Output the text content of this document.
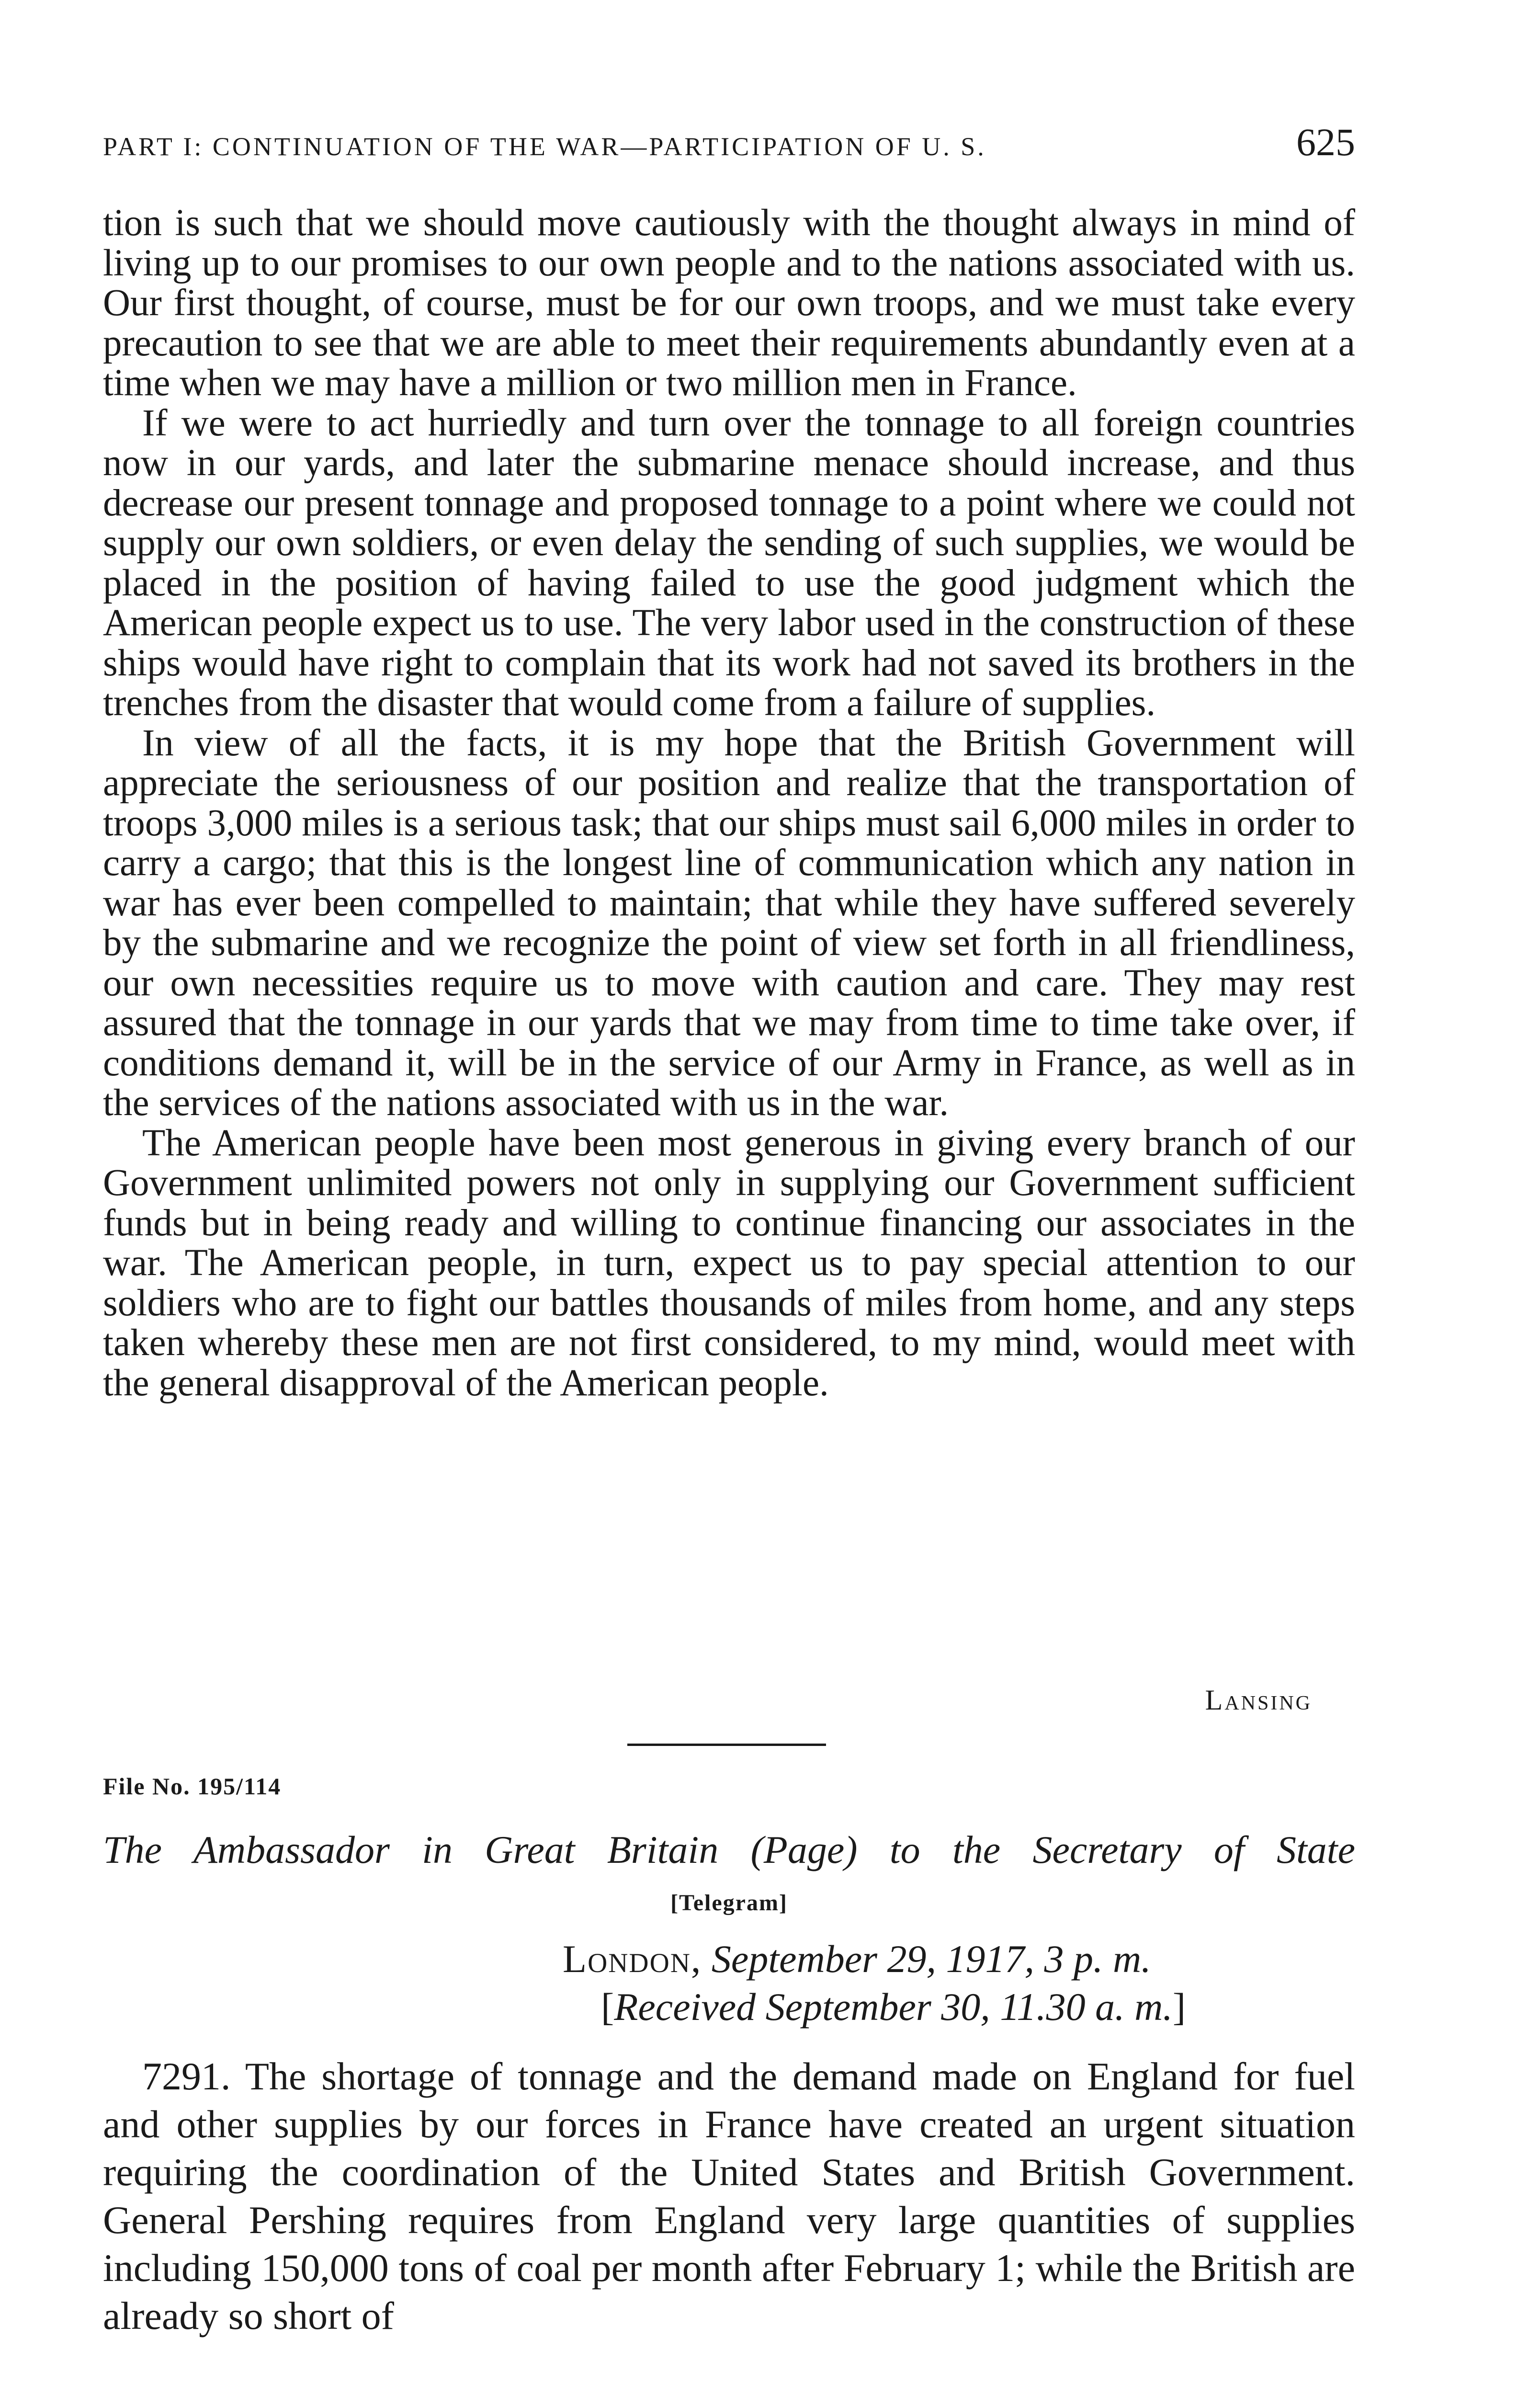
PART I: CONTINUATION OF THE WAR—PARTICIPATION OF U. S.	625

tion is such that we should move cautiously with the thought always in mind of living up to our promises to our own people and to the nations associated with us. Our first thought, of course, must be for our own troops, and we must take every precaution to see that we are able to meet their requirements abundantly even at a time when we may have a million or two million men in France.

If we were to act hurriedly and turn over the tonnage to all foreign countries now in our yards, and later the submarine menace should increase, and thus decrease our present tonnage and proposed tonnage to a point where we could not supply our own soldiers, or even delay the sending of such supplies, we would be placed in the position of having failed to use the good judgment which the American people expect us to use. The very labor used in the construction of these ships would have right to complain that its work had not saved its brothers in the trenches from the disaster that would come from a failure of supplies.

In view of all the facts, it is my hope that the British Government will appreciate the seriousness of our position and realize that the transportation of troops 3,000 miles is a serious task; that our ships must sail 6,000 miles in order to carry a cargo; that this is the longest line of communication which any nation in war has ever been compelled to maintain; that while they have suffered severely by the submarine and we recognize the point of view set forth in all friendliness, our own necessities require us to move with caution and care. They may rest assured that the tonnage in our yards that we may from time to time take over, if conditions demand it, will be in the service of our Army in France, as well as in the services of the nations associated with us in the war.

The American people have been most generous in giving every branch of our Government unlimited powers not only in supplying our Government sufficient funds but in being ready and willing to continue financing our associates in the war. The American people, in turn, expect us to pay special attention to our soldiers who are to fight our battles thousands of miles from home, and any steps taken whereby these men are not first considered, to my mind, would meet with the general disapproval of the American people.

Lansing
File No. 195/114
The Ambassador in Great Britain (Page) to the Secretary of State
[Telegram]
London, September 29, 1917, 3 p. m.
[Received September 30, 11.30 a. m.]

7291. The shortage of tonnage and the demand made on England for fuel and other supplies by our forces in France have created an urgent situation requiring the coordination of the United States and British Government. General Pershing requires from England very large quantities of supplies including 150,000 tons of coal per month after February 1; while the British are already so short of
